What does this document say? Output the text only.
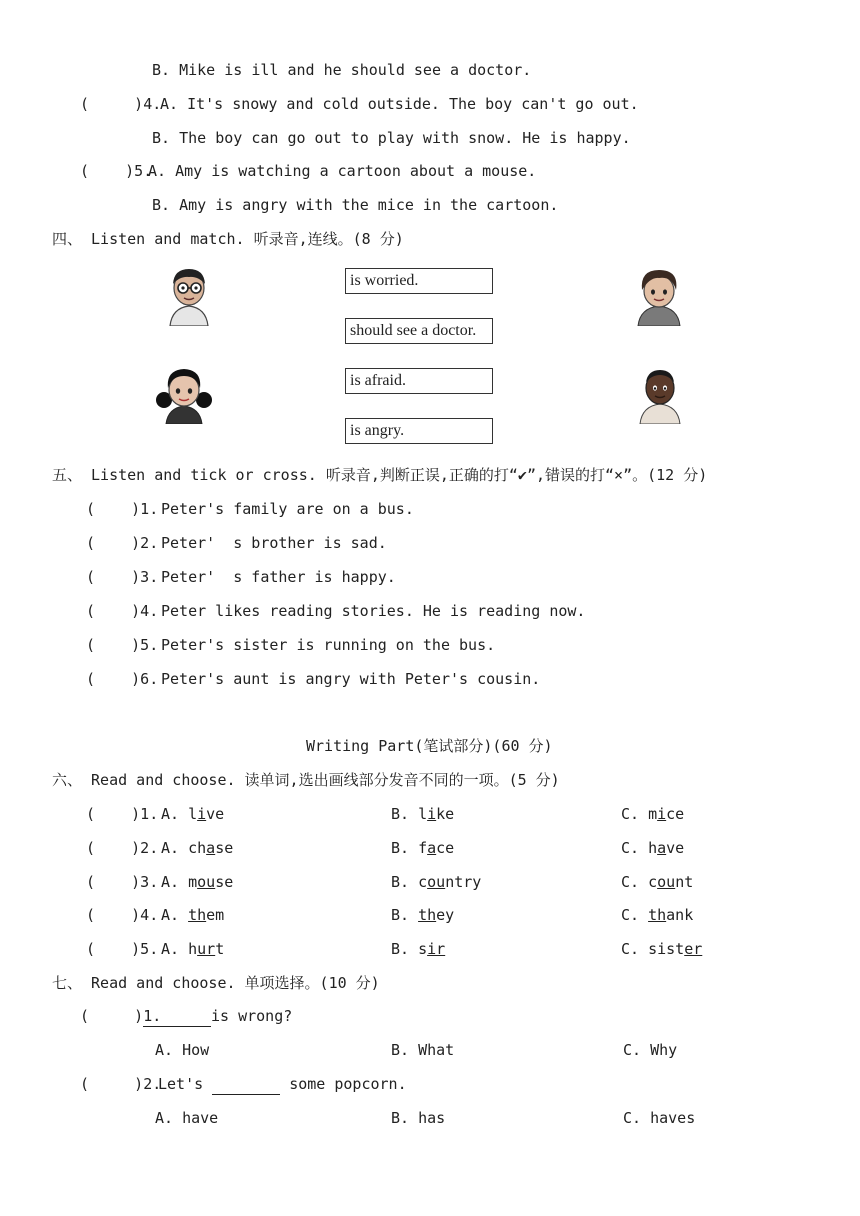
B. Mike is ill and he should see a doctor.
(     )4.
A. It's snowy and cold outside. The boy can't go out.
B. The boy can go out to play with snow. He is happy.
(    )5.
A. Amy is watching a cartoon about a mouse.
B. Amy is angry with the mice in the cartoon.
四、 Listen and match. 听录音,连线。(8 分)
is worried.
should see a doctor.
is afraid.
is angry.
五、 Listen and tick or cross. 听录音,判断正误,正确的打“✔”,错误的打“×”。(12 分)
(    )1. Peter's family are on a bus.
(    )2. Peter'  s brother is sad.
(    )3. Peter'  s father is happy.
(    )4. Peter likes reading stories. He is reading now.
(    )5. Peter's sister is running on the bus.
(    )6. Peter's aunt is angry with Peter's cousin.
Writing Part(笔试部分)(60 分)
六、 Read and choose. 读单词,选出画线部分发音不同的一项。(5 分)
(    )1. A. live	B. like	C. mice
(    )2. A. chase	B. face	C. have
(    )3. A. mouse	B. country	C. count
(    )4. A. them	B. they	C. thank
(    )5. A. hurt	B. sir	C. sister
七、 Read and choose. 单项选择。(10 分)
(     )1.	is wrong?
A. How	B. What	C. Why
(     )2.
Let's	some popcorn.
A. have	B. has	C. haves
